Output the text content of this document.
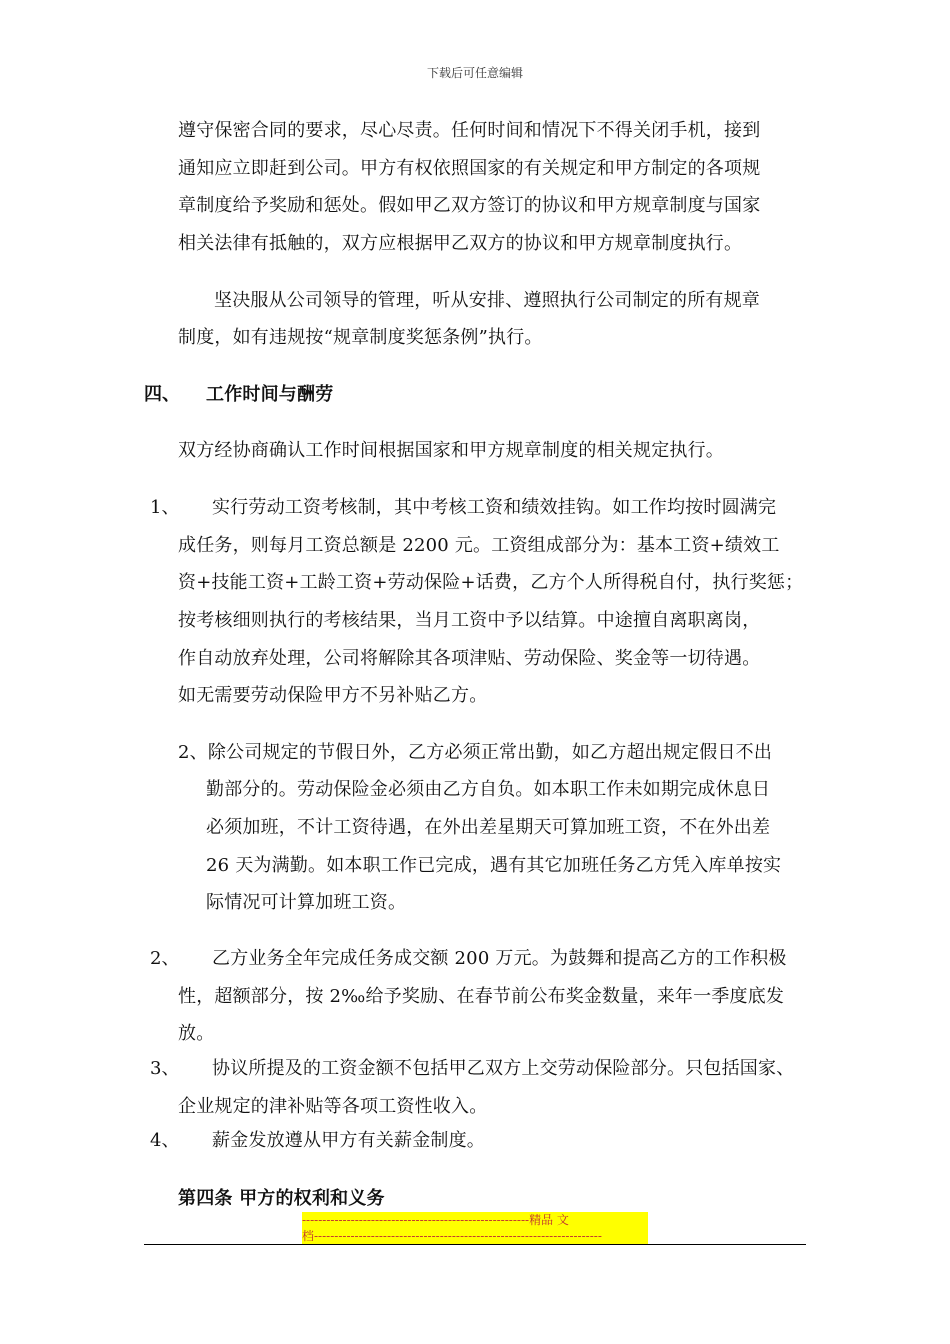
下载后可任意编辑
遵守保密合同的要求，尽心尽责。任何时间和情况下不得关闭手机，接到
通知应立即赶到公司。甲方有权依照国家的有关规定和甲方制定的各项规
章制度给予奖励和惩处。假如甲乙双方签订的协议和甲方规章制度与国家
相关法律有抵触的，双方应根据甲乙双方的协议和甲方规章制度执行。
坚决服从公司领导的管理，听从安排、遵照执行公司制定的所有规章
制度，如有违规按“规章制度奖惩条例”执行。
四、 工作时间与酬劳
双方经协商确认工作时间根据国家和甲方规章制度的相关规定执行。
1、 实行劳动工资考核制，其中考核工资和绩效挂钩。如工作均按时圆满完
成任务，则每月工资总额是 2200 元。工资组成部分为：基本工资+绩效工
资+技能工资+工龄工资+劳动保险+话费，乙方个人所得税自付，执行奖惩；
按考核细则执行的考核结果，当月工资中予以结算。中途擅自离职离岗，
作自动放弃处理，公司将解除其各项津贴、劳动保险、奖金等一切待遇。
如无需要劳动保险甲方不另补贴乙方。
2、除公司规定的节假日外，乙方必须正常出勤，如乙方超出规定假日不出
勤部分的。劳动保险金必须由乙方自负。如本职工作未如期完成休息日
必须加班，不计工资待遇，在外出差星期天可算加班工资，不在外出差
26 天为满勤。如本职工作已完成，遇有其它加班任务乙方凭入库单按实
际情况可计算加班工资。
2、 乙方业务全年完成任务成交额 200 万元。为鼓舞和提高乙方的工作积极
性，超额部分，按 2‰给予奖励、在春节前公布奖金数量，来年一季度底发
放。
3、 协议所提及的工资金额不包括甲乙双方上交劳动保险部分。只包括国家、
企业规定的津补贴等各项工资性收入。
4、 薪金发放遵从甲方有关薪金制度。
第四条 甲方的权利和义务
--------------------------------------------------------精品 文
档-----------------------------------------------------------------------
